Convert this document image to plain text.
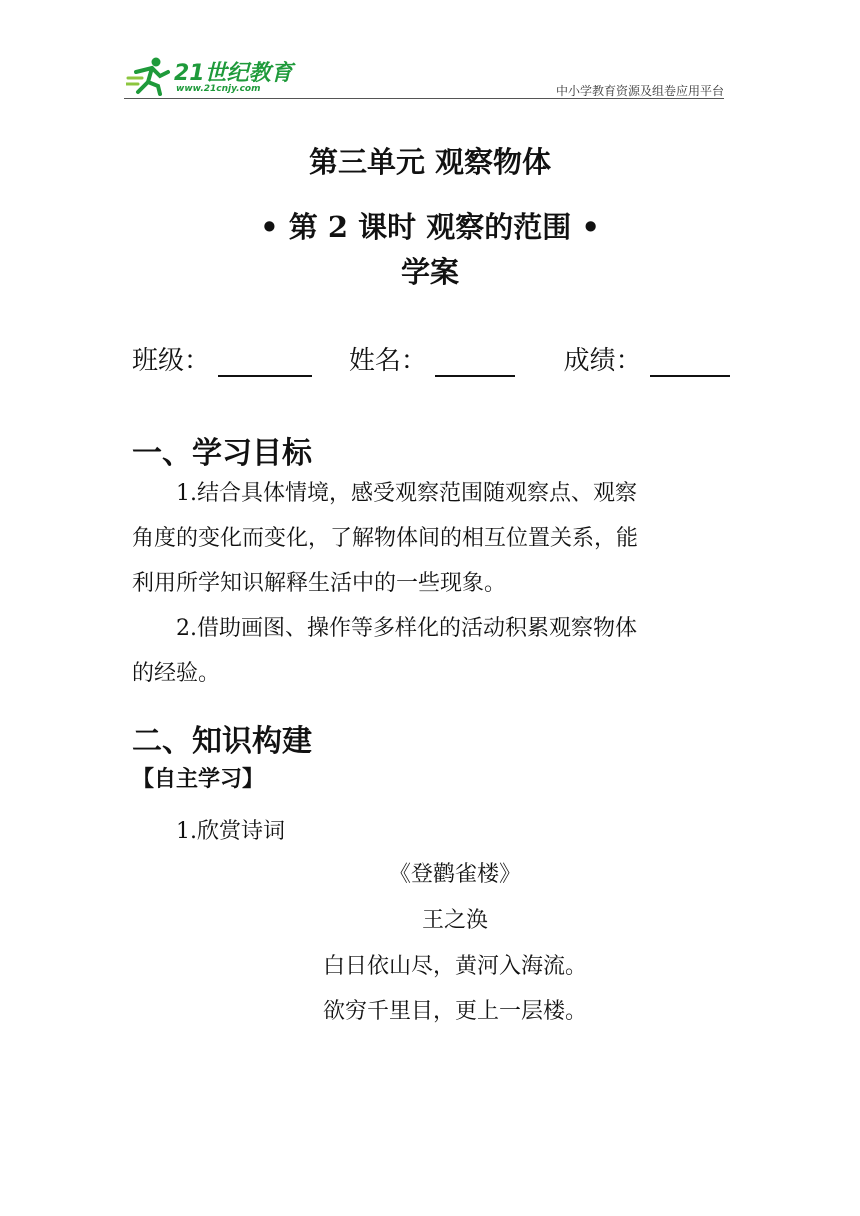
21世纪教育
www.21cnjy.com	中小学教育资源及组卷应用平台
第三单元 观察物体
• 第 2 课时 观察的范围 •
学案
班级：	姓名：	成绩：
一、学习目标
1.结合具体情境，感受观察范围随观察点、观察
角度的变化而变化，了解物体间的相互位置关系，能
利用所学知识解释生活中的一些现象。
2.借助画图、操作等多样化的活动积累观察物体
的经验。
二、知识构建
【自主学习】
1.欣赏诗词
《登鹳雀楼》
王之涣
白日依山尽，黄河入海流。
欲穷千里目，更上一层楼。
